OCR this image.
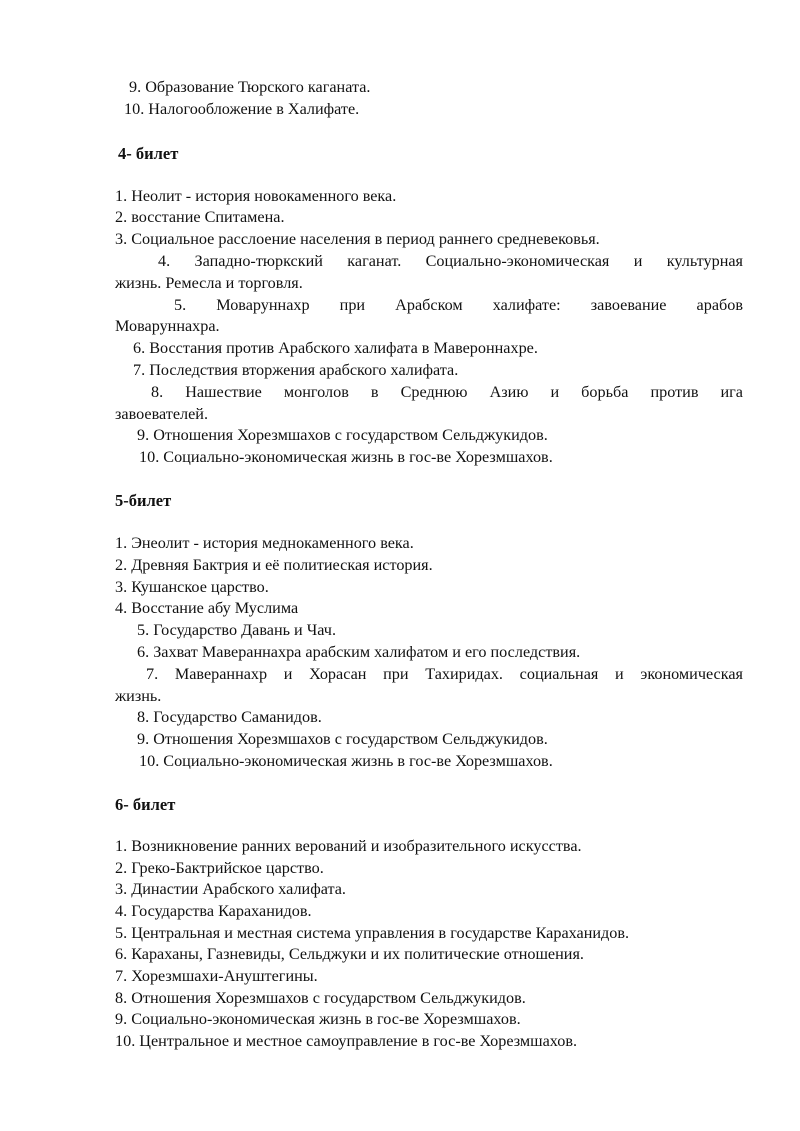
9. Образование Тюрского каганата.
10. Налогообложение в Халифате.
4- билет
1. Неолит - история новокаменного века.
2. восстание Спитамена.
3. Социальное расслоение населения в период раннего средневековья.
4. Западно-тюркский каганат. Социально-экономическая и культурная
жизнь. Ремесла и торговля.
5. Моваруннахр при Арабском халифате: завоевание арабов
Моваруннахра.
6. Восстания против Арабского халифата в Мавероннахре.
7. Последствия вторжения арабского халифата.
8. Нашествие монголов в Среднюю Азию и борьба против ига
завоевателей.
9. Отношения Хорезмшахов с государством Сельджукидов.
10. Социально-экономическая жизнь в гос-ве Хорезмшахов.
5-билет
1. Энеолит - история меднокаменного века.
2. Древняя Бактрия и её политиеская история.
3. Кушанское царство.
4. Восстание абу Муслима
5. Государство Давань и Чач.
6. Захват Мавераннахра арабским халифатом и его последствия.
7. Мавераннахр и Хорасан при Тахиридах. социальная и экономическая
жизнь.
8. Государство Саманидов.
9. Отношения Хорезмшахов с государством Сельджукидов.
10. Социально-экономическая жизнь в гос-ве Хорезмшахов.
6- билет
1. Возникновение ранних верований и изобразительного искусства.
2. Греко-Бактрийское царство.
3. Династии Арабского халифата.
4. Государства Караханидов.
5. Центральная и местная система управления в государстве Караханидов.
6. Караханы, Газневиды, Сельджуки и их политические отношения.
7. Хорезмшахи-Ануштегины.
8. Отношения Хорезмшахов с государством Сельджукидов.
9. Социально-экономическая жизнь в гос-ве Хорезмшахов.
10. Центральное и местное самоуправление в гос-ве Хорезмшахов.
